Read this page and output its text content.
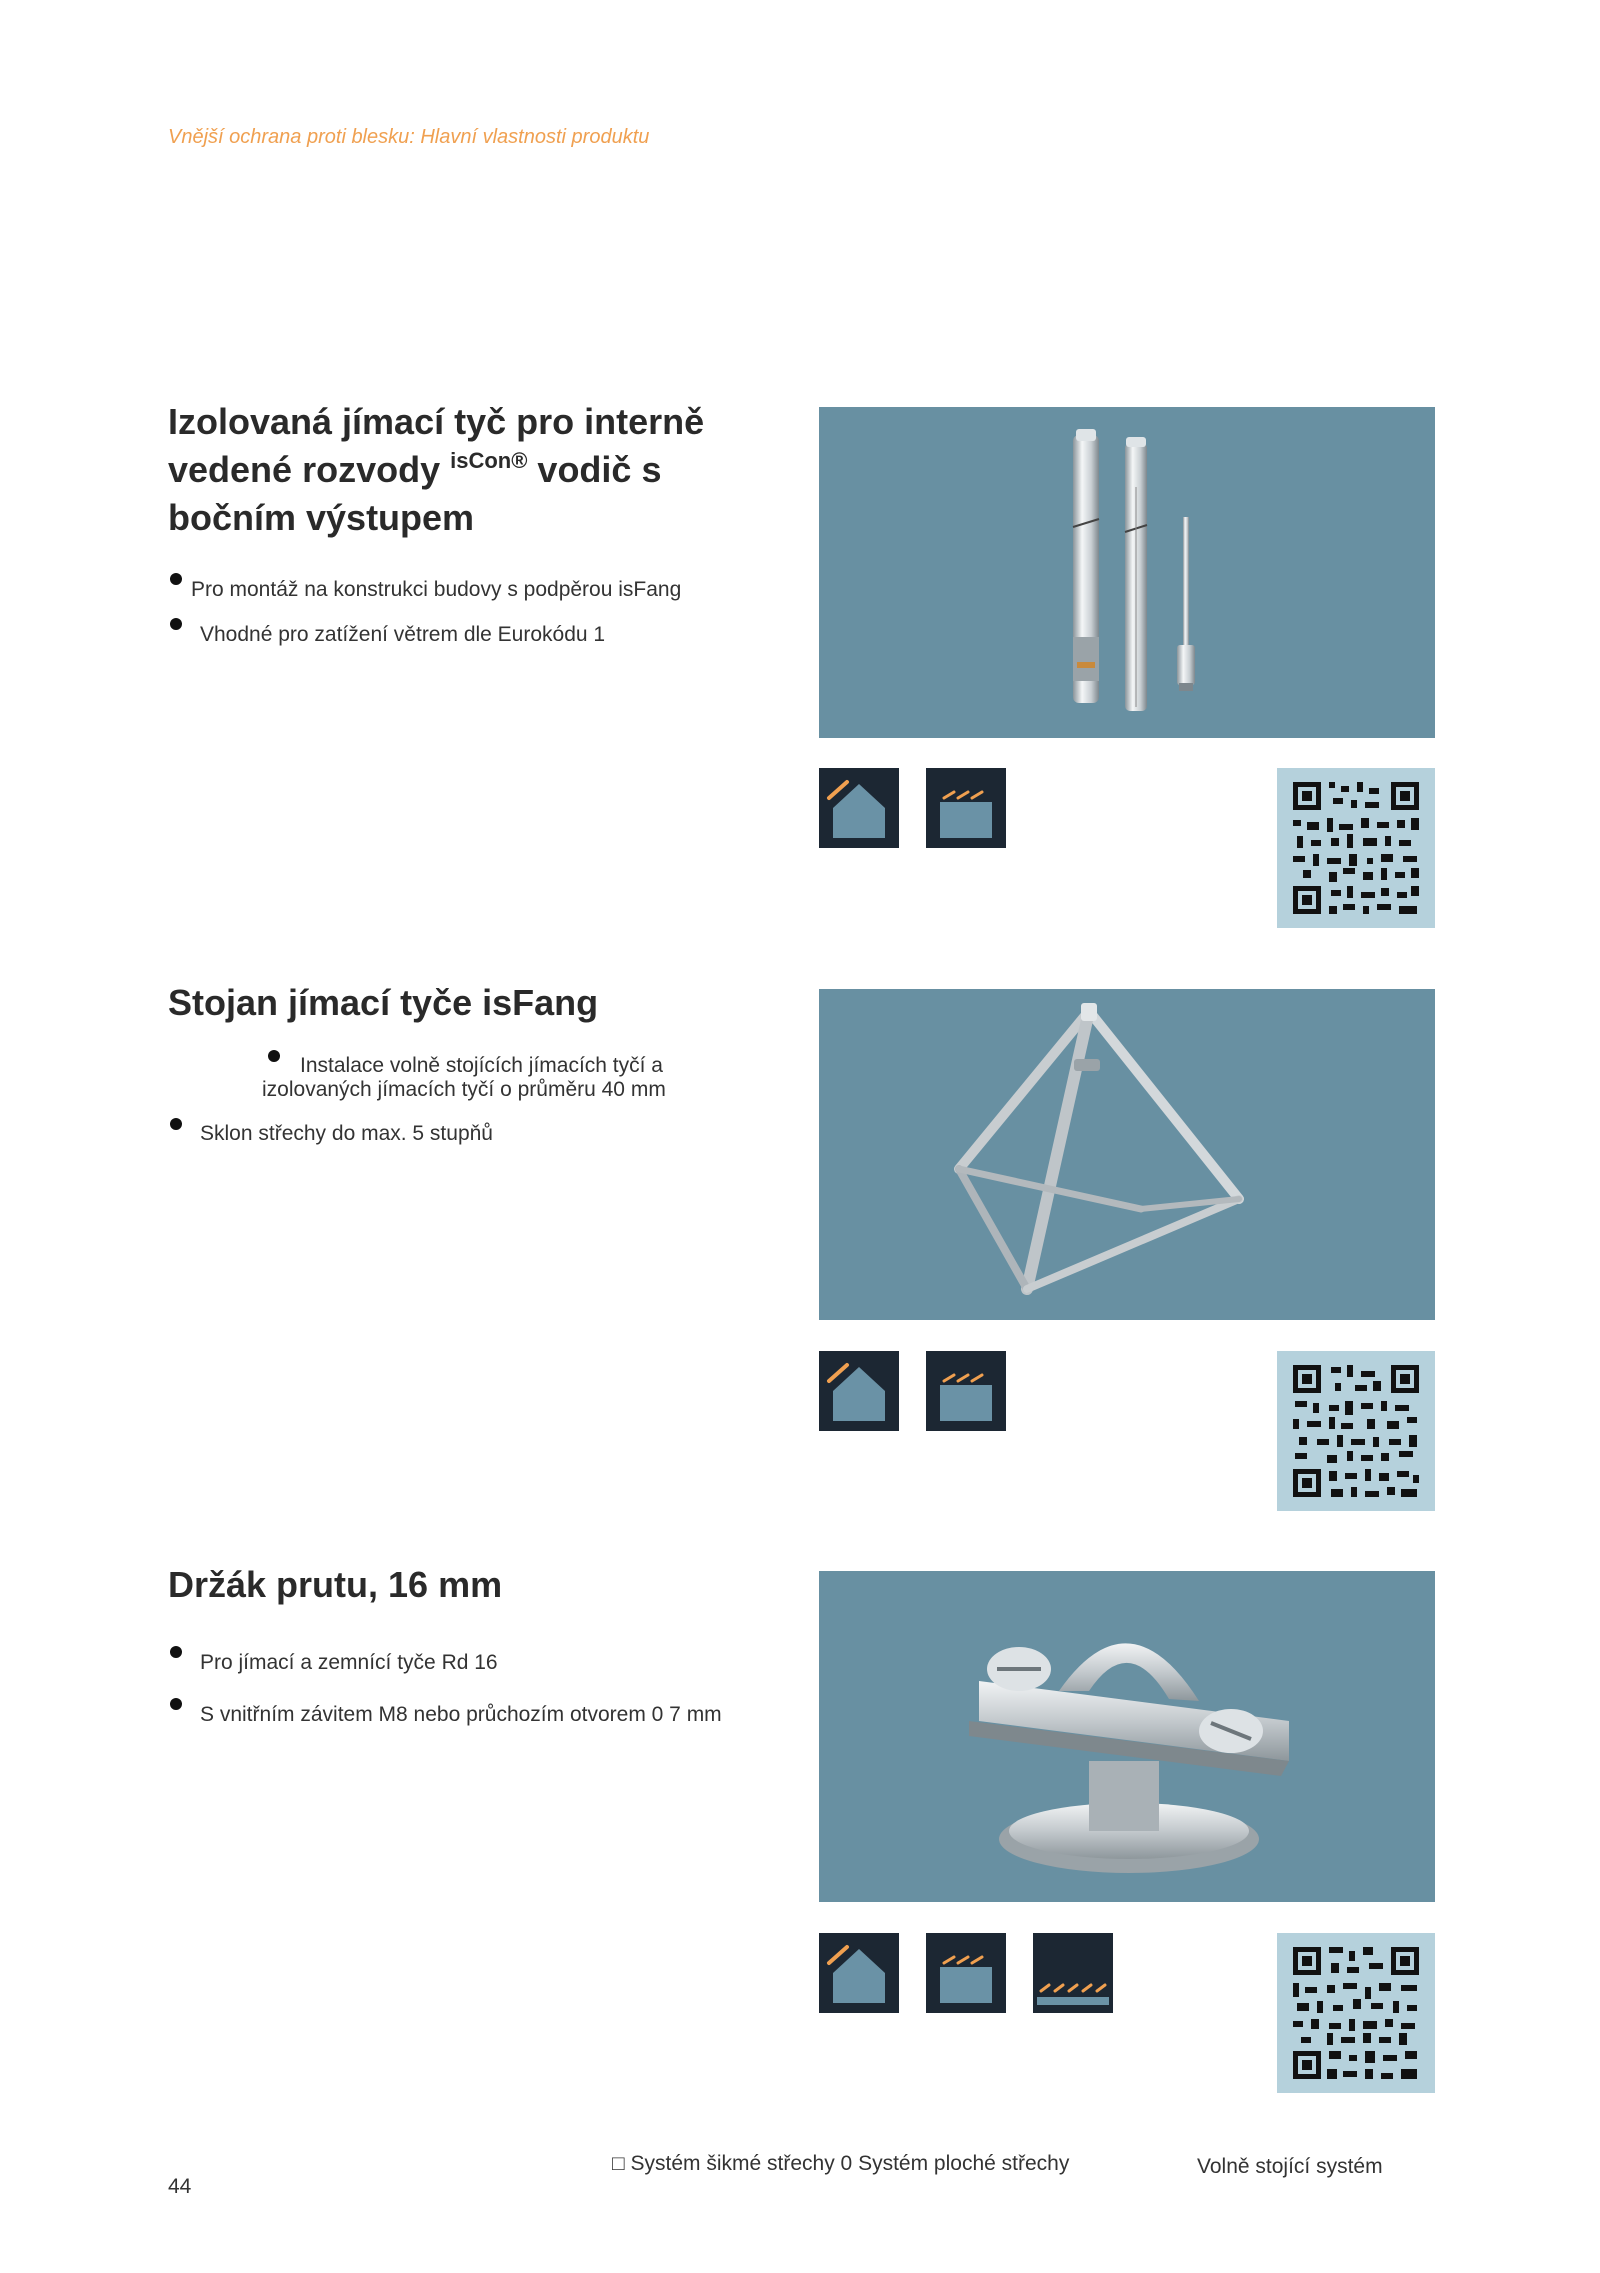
Vnější ochrana proti blesku: Hlavní vlastnosti produktu
Izolovaná jímací tyč pro interně
vedené rozvody $^{isCon®}$ vodič s
bočním výstupem
Pro montáž na konstrukci budovy s podpěrou isFang
Vhodné pro zatížení větrem dle Eurokódu 1
Stojan jímací tyče isFang
Instalace volně stojících jímacích tyčí a
izolovaných jímacích tyčí o průměru 40 mm
Sklon střechy do max. 5 stupňů
Držák prutu, 16 mm
Pro jímací a zemnící tyče Rd 16
S vnitřním závitem M8 nebo průchozím otvorem 0 7 mm
44
□ Systém šikmé střechy 0 Systém ploché střechy	Volně stojící systém
